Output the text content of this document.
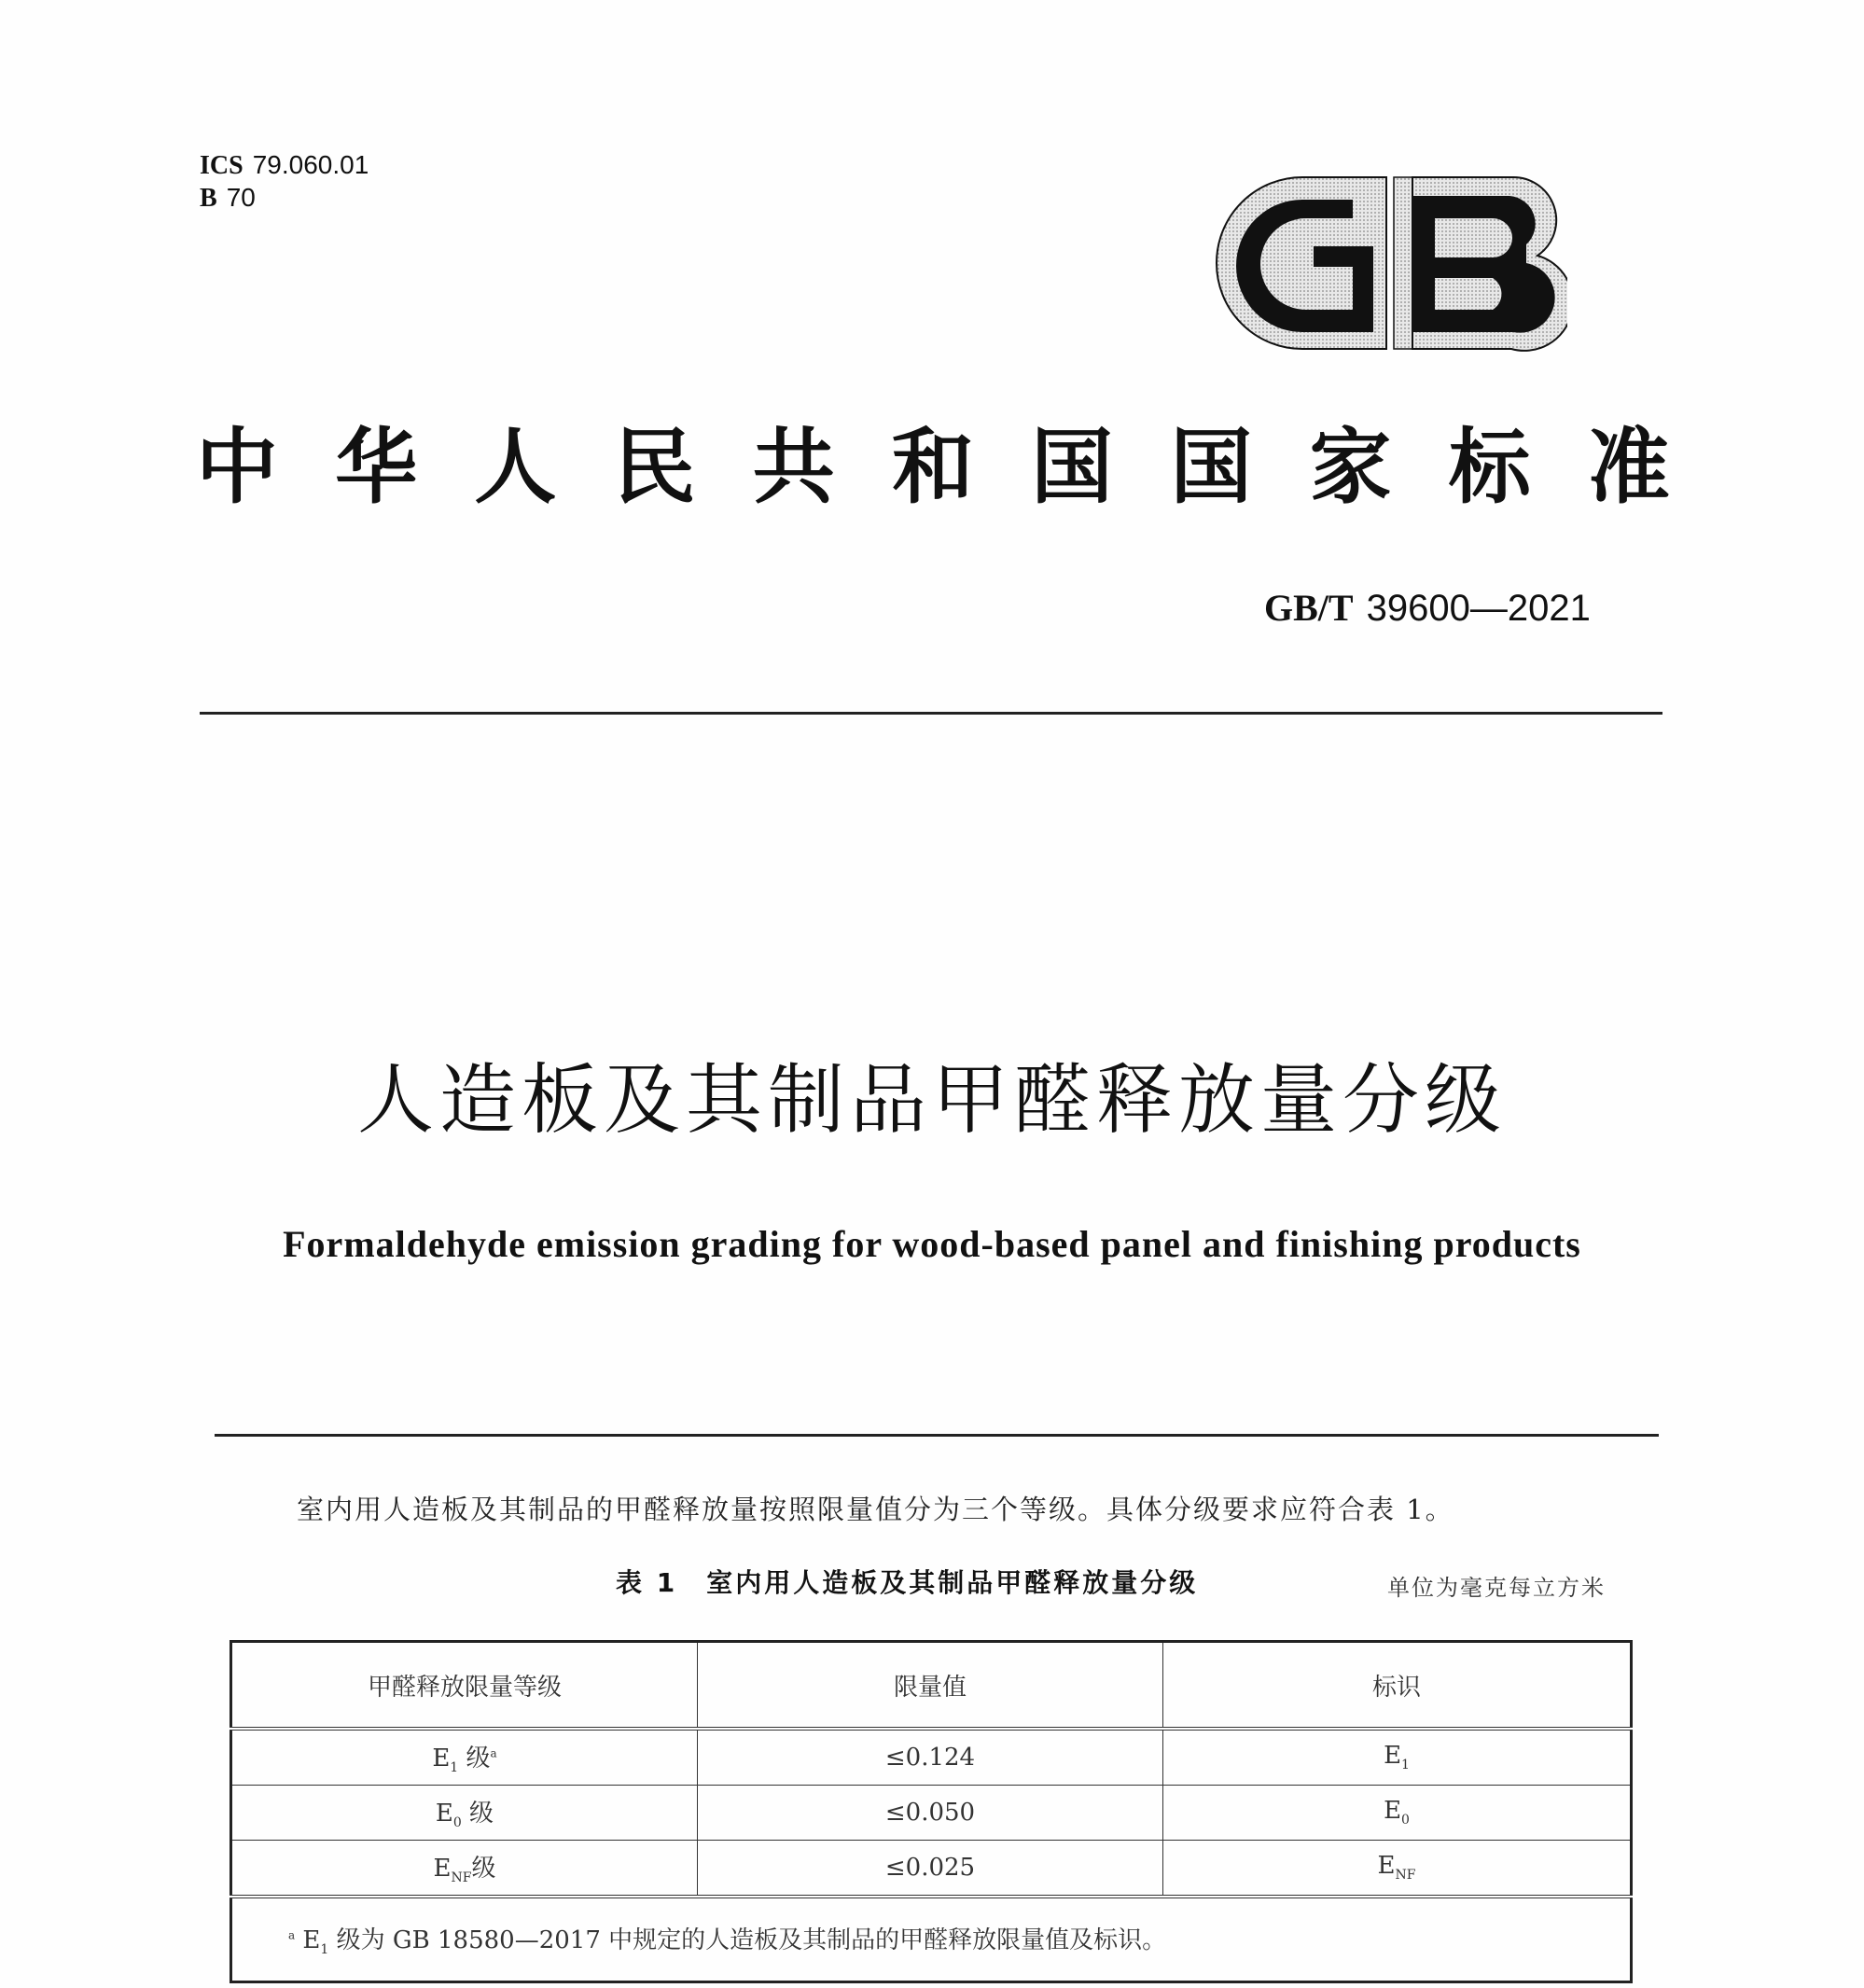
ICS 79.060.01
B 70
中 华 人 民 共 和 国 国 家 标 准
GB/T 39600—2021
人造板及其制品甲醛释放量分级
Formaldehyde emission grading for wood-based panel and finishing products
室内用人造板及其制品的甲醛释放量按照限量值分为三个等级。具体分级要求应符合表 1。
表 1　室内用人造板及其制品甲醛释放量分级	单位为毫克每立方米
甲醛释放限量等级	限量值	标识
$E_1$ 级$^a$	≤0.124	$E_1$
$E_0$ 级	≤0.050	$E_0$
$E_{NF}$级	≤0.025	$E_{NF}$
$^a$ $E_1$ 级为 GB 18580—2017 中规定的人造板及其制品的甲醛释放限量值及标识。		
